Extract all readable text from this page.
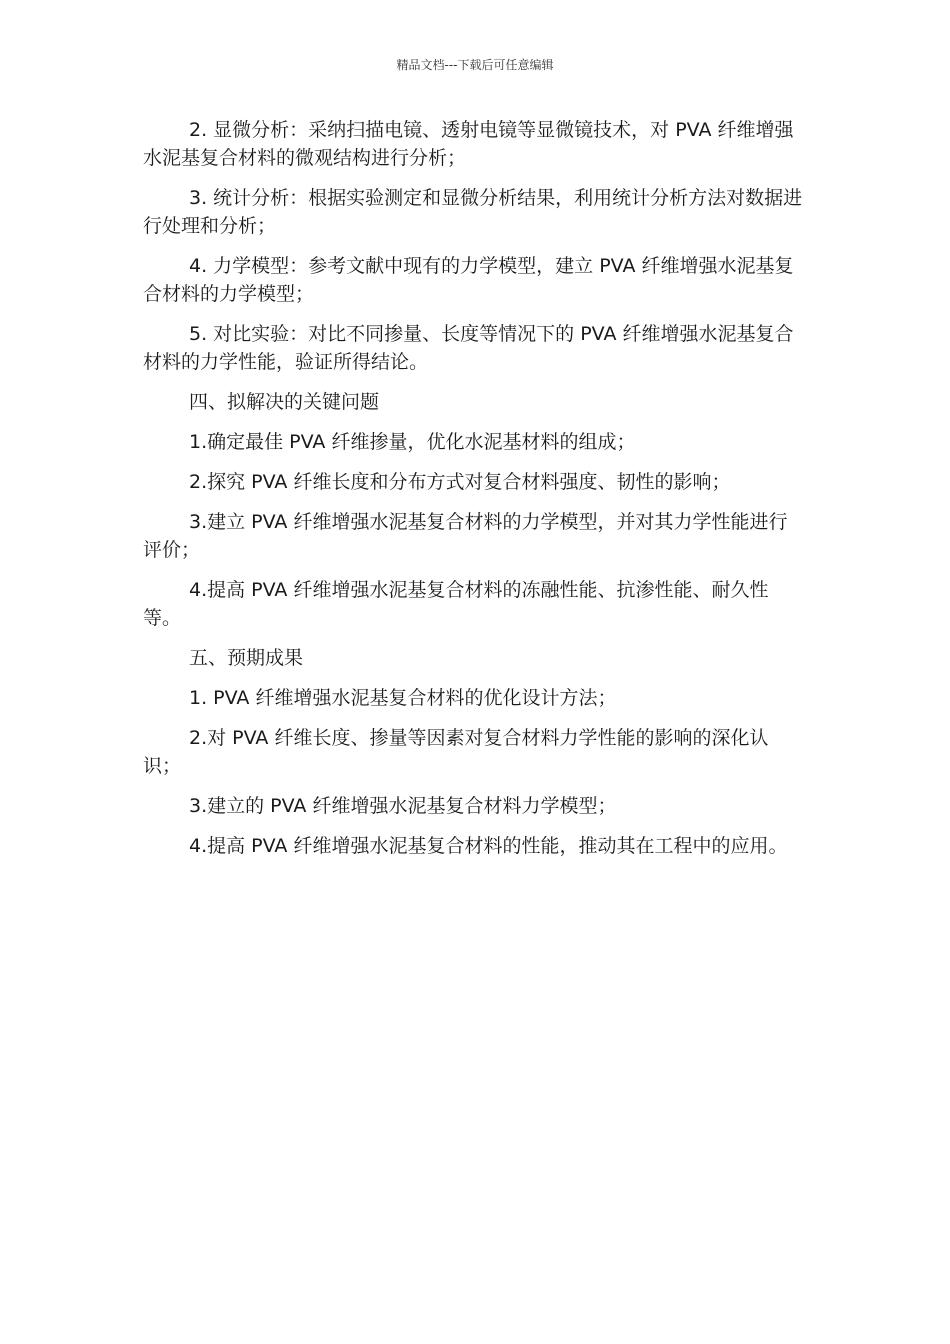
精品文档---下载后可任意编辑

2. 显微分析：采纳扫描电镜、透射电镜等显微镜技术，对 PVA 纤维增强水泥基复合材料的微观结构进行分析；

3. 统计分析：根据实验测定和显微分析结果，利用统计分析方法对数据进行处理和分析；

4. 力学模型：参考文献中现有的力学模型，建立 PVA 纤维增强水泥基复合材料的力学模型；

5. 对比实验：对比不同掺量、长度等情况下的 PVA 纤维增强水泥基复合材料的力学性能，验证所得结论。

四、拟解决的关键问题

1.确定最佳 PVA 纤维掺量，优化水泥基材料的组成；

2.探究 PVA 纤维长度和分布方式对复合材料强度、韧性的影响；

3.建立 PVA 纤维增强水泥基复合材料的力学模型，并对其力学性能进行评价；

4.提高 PVA 纤维增强水泥基复合材料的冻融性能、抗渗性能、耐久性等。

五、预期成果

1. PVA 纤维增强水泥基复合材料的优化设计方法；

2.对 PVA 纤维长度、掺量等因素对复合材料力学性能的影响的深化认识；

3.建立的 PVA 纤维增强水泥基复合材料力学模型；

4.提高 PVA 纤维增强水泥基复合材料的性能，推动其在工程中的应用。
